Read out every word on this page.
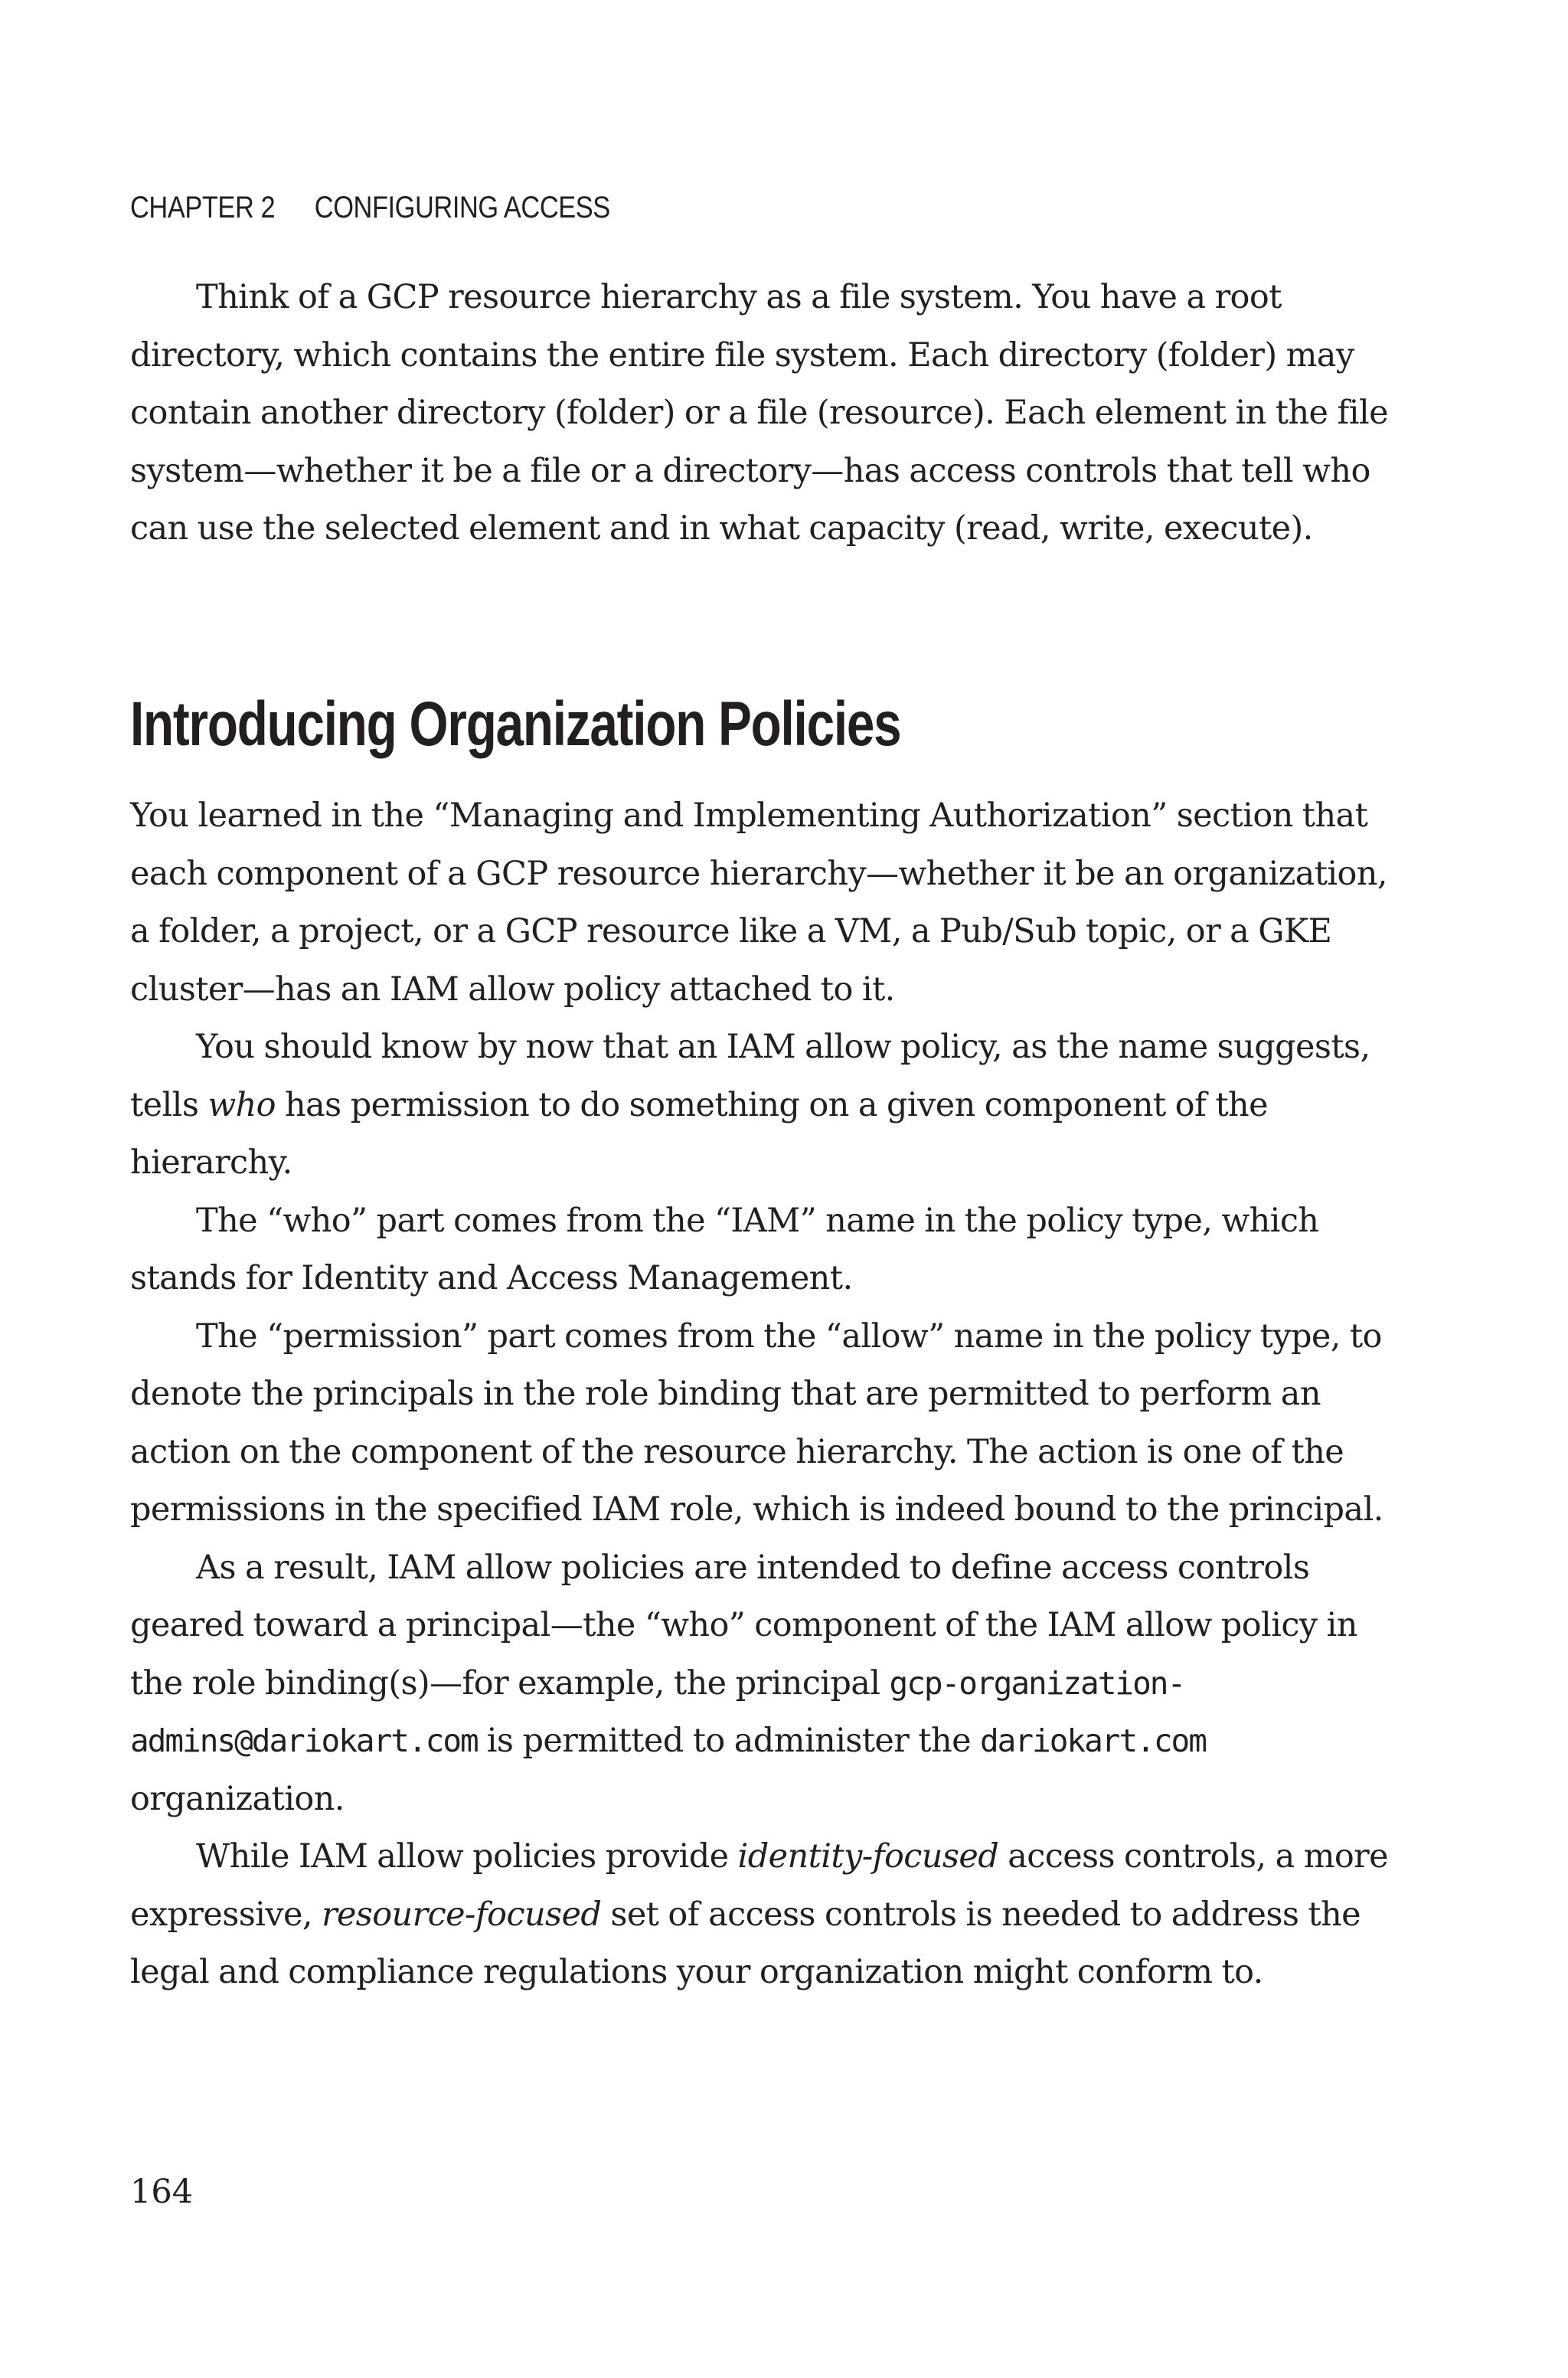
CHAPTER 2 CONFIGURING ACCESS

Think of a GCP resource hierarchy as a file system. You have a root directory, which contains the entire file system. Each directory (folder) may contain another directory (folder) or a file (resource). Each element in the file system—whether it be a file or a directory—has access controls that tell who can use the selected element and in what capacity (read, write, execute).

Introducing Organization Policies

You learned in the “Managing and Implementing Authorization” section that each component of a GCP resource hierarchy—whether it be an organization, a folder, a project, or a GCP resource like a VM, a Pub/Sub topic, or a GKE cluster—has an IAM allow policy attached to it.

You should know by now that an IAM allow policy, as the name suggests, tells who has permission to do something on a given component of the hierarchy.

The “who” part comes from the “IAM” name in the policy type, which stands for Identity and Access Management.

The “permission” part comes from the “allow” name in the policy type, to denote the principals in the role binding that are permitted to perform an action on the component of the resource hierarchy. The action is one of the permissions in the specified IAM role, which is indeed bound to the principal.

As a result, IAM allow policies are intended to define access controls geared toward a principal—the “who” component of the IAM allow policy in the role binding(s)—for example, the principal gcp-organization-
admins@dariokart.com is permitted to administer the dariokart.com
organization.

While IAM allow policies provide identity-focused access controls, a more expressive, resource-focused set of access controls is needed to address the legal and compliance regulations your organization might conform to.

164
